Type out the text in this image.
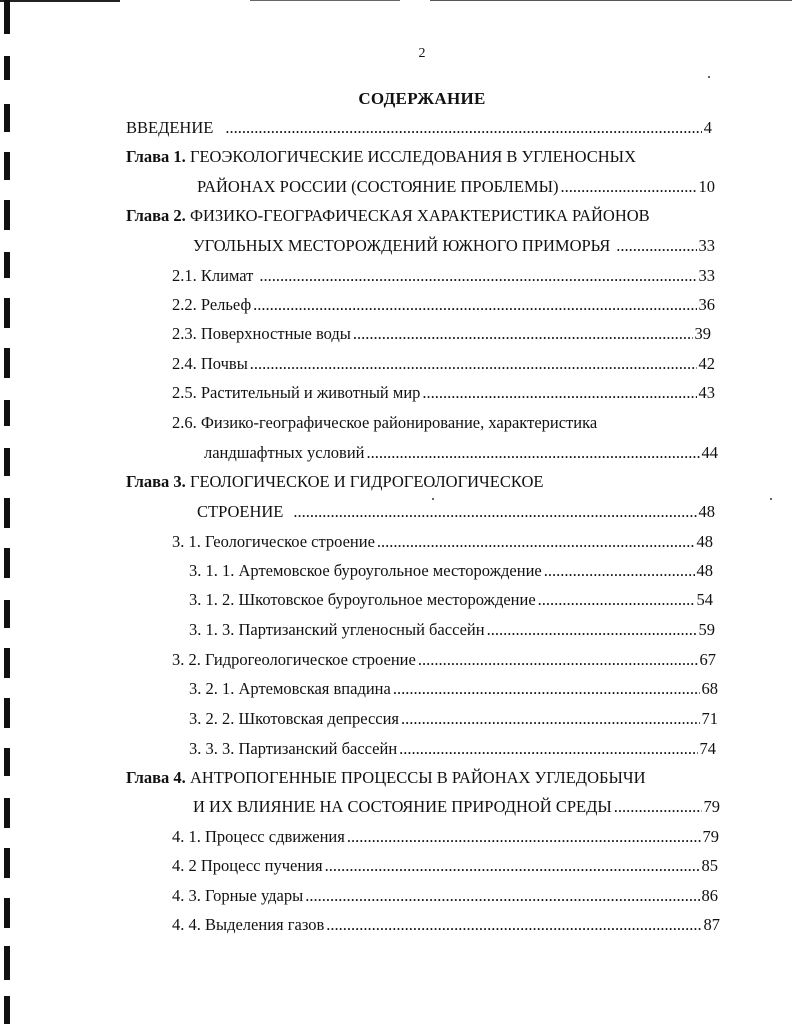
2
СОДЕРЖАНИЕ
ВВЕДЕНИЕ .....	4
Глава 1. ГЕОЭКОЛОГИЧЕСКИЕ ИССЛЕДОВАНИЯ В УГЛЕНОСНЫХ
РАЙОНАХ РОССИИ (СОСТОЯНИЕ ПРОБЛЕМЫ) .....	10
Глава 2. ФИЗИКО-ГЕОГРАФИЧЕСКАЯ ХАРАКТЕРИСТИКА РАЙОНОВ
УГОЛЬНЫХ МЕСТОРОЖДЕНИЙ ЮЖНОГО ПРИМОРЬЯ .....	33
2.1. Климат .....	33
2.2. Рельеф .....	36
2.3. Поверхностные воды .....	39
2.4. Почвы .....	42
2.5. Растительный и животный мир .....	43
2.6. Физико-географическое районирование, характеристика
ландшафтных условий .....	44
Глава 3. ГЕОЛОГИЧЕСКОЕ И ГИДРОГЕОЛОГИЧЕСКОЕ
СТРОЕНИЕ .....	48
3. 1. Геологическое строение .....	48
3. 1. 1. Артемовское буроугольное месторождение .....	48
3. 1. 2. Шкотовское буроугольное месторождение .....	54
3. 1. 3. Партизанский угленосный бассейн .....	59
3. 2. Гидрогеологическое строение .....	67
3. 2. 1. Артемовская впадина .....	68
3. 2. 2. Шкотовская депрессия .....	71
3. 3. 3. Партизанский бассейн .....	74
Глава 4. АНТРОПОГЕННЫЕ ПРОЦЕССЫ В РАЙОНАХ УГЛЕДОБЫЧИ
И ИХ ВЛИЯНИЕ НА СОСТОЯНИЕ ПРИРОДНОЙ СРЕДЫ .....	79
4. 1. Процесс сдвижения .....	79
4. 2 Процесс пучения .....	85
4. 3. Горные удары .....	86
4. 4. Выделения газов .....	87
